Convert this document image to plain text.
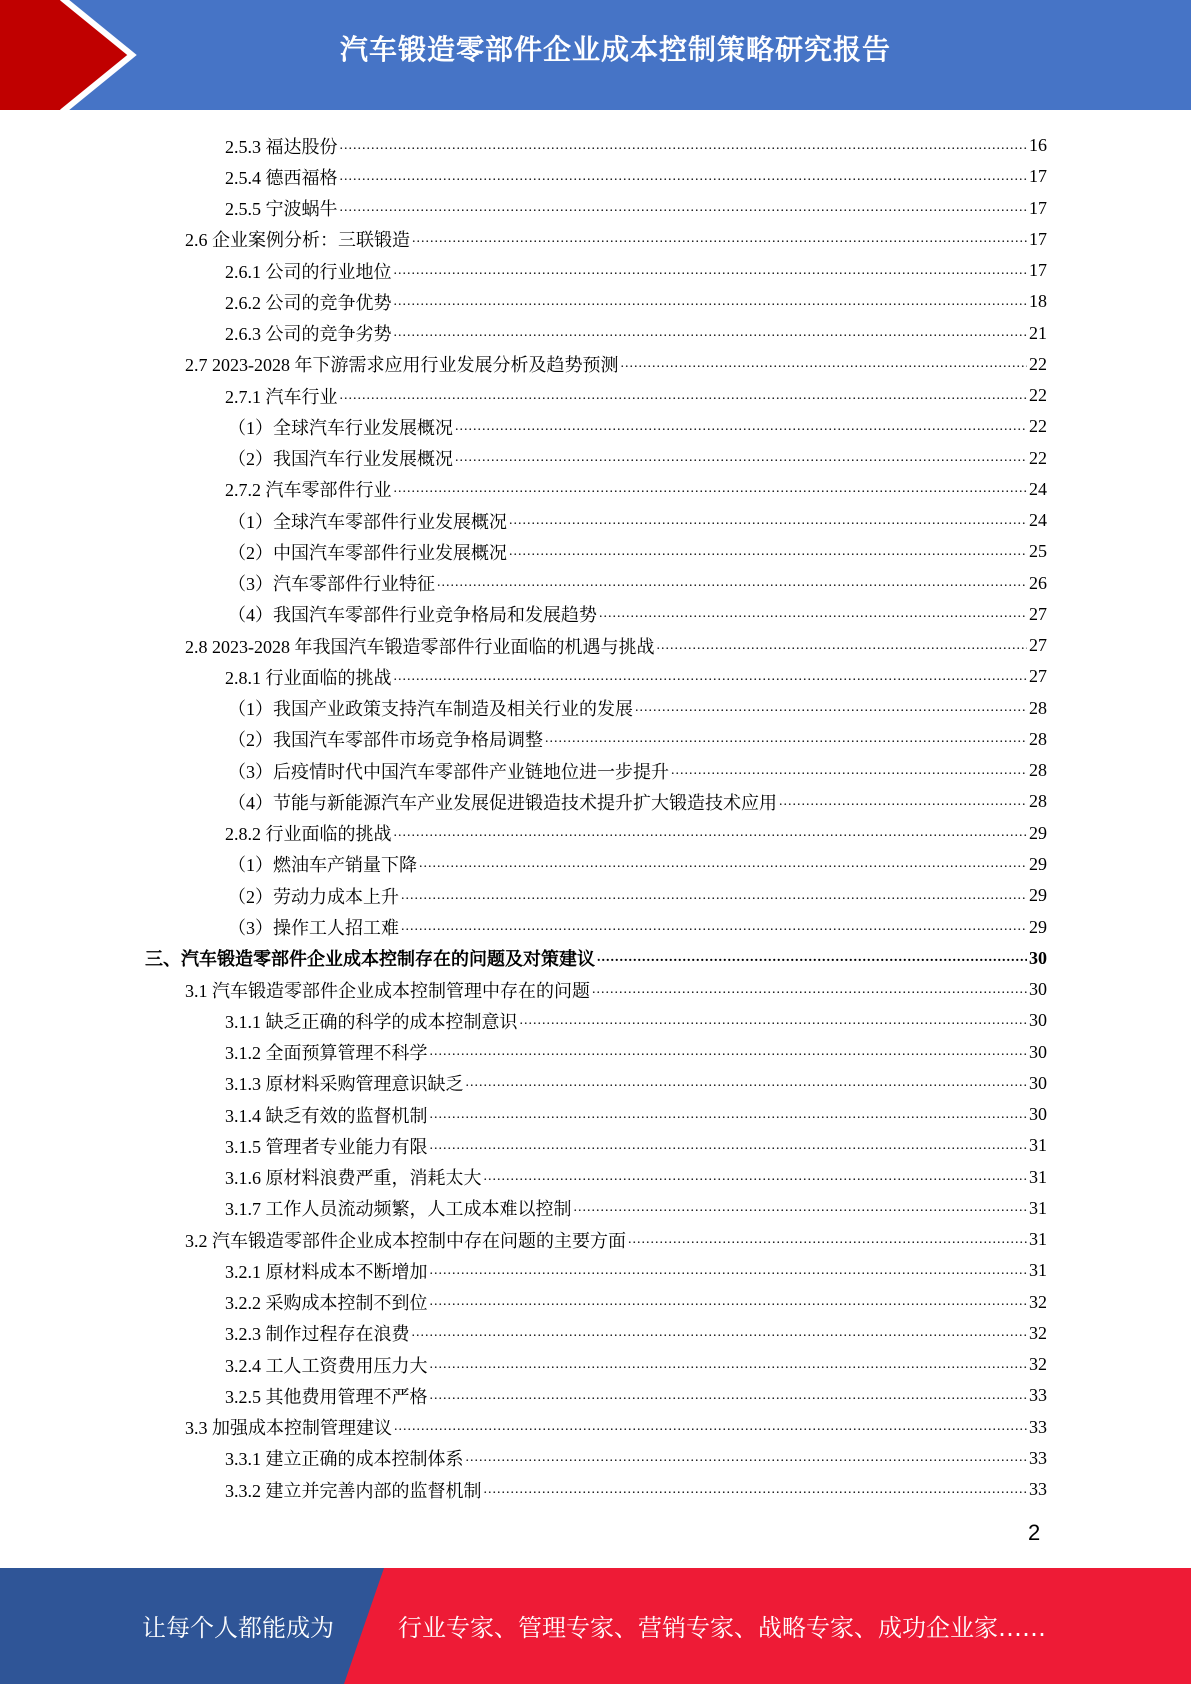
汽车锻造零部件企业成本控制策略研究报告
2.5.3 福达股份 .....	16
2.5.4 德西福格 .....	17
2.5.5 宁波蜗牛 .....	17
2.6 企业案例分析：三联锻造 .....	17
2.6.1 公司的行业地位 .....	17
2.6.2 公司的竞争优势 .....	18
2.6.3 公司的竞争劣势 .....	21
2.7 2023-2028 年下游需求应用行业发展分析及趋势预测 .....	22
2.7.1 汽车行业 .....	22
（1）全球汽车行业发展概况 .....	22
（2）我国汽车行业发展概况 .....	22
2.7.2 汽车零部件行业 .....	24
（1）全球汽车零部件行业发展概况 .....	24
（2）中国汽车零部件行业发展概况 .....	25
（3）汽车零部件行业特征 .....	26
（4）我国汽车零部件行业竞争格局和发展趋势 .....	27
2.8 2023-2028 年我国汽车锻造零部件行业面临的机遇与挑战 .....	27
2.8.1 行业面临的挑战 .....	27
（1）我国产业政策支持汽车制造及相关行业的发展 .....	28
（2）我国汽车零部件市场竞争格局调整 .....	28
（3）后疫情时代中国汽车零部件产业链地位进一步提升 .....	28
（4）节能与新能源汽车产业发展促进锻造技术提升扩大锻造技术应用 .....	28
2.8.2 行业面临的挑战 .....	29
（1）燃油车产销量下降 .....	29
（2）劳动力成本上升 .....	29
（3）操作工人招工难 .....	29
三、汽车锻造零部件企业成本控制存在的问题及对策建议 .....	30
3.1 汽车锻造零部件企业成本控制管理中存在的问题 .....	30
3.1.1 缺乏正确的科学的成本控制意识 .....	30
3.1.2 全面预算管理不科学 .....	30
3.1.3 原材料采购管理意识缺乏 .....	30
3.1.4 缺乏有效的监督机制 .....	30
3.1.5 管理者专业能力有限 .....	31
3.1.6 原材料浪费严重，消耗太大 .....	31
3.1.7 工作人员流动频繁，人工成本难以控制 .....	31
3.2 汽车锻造零部件企业成本控制中存在问题的主要方面 .....	31
3.2.1 原材料成本不断增加 .....	31
3.2.2 采购成本控制不到位 .....	32
3.2.3 制作过程存在浪费 .....	32
3.2.4 工人工资费用压力大 .....	32
3.2.5 其他费用管理不严格 .....	33
3.3 加强成本控制管理建议 .....	33
3.3.1 建立正确的成本控制体系 .....	33
3.3.2 建立并完善内部的监督机制 .....	33
2
让每个人都能成为	行业专家、管理专家、营销专家、战略专家、成功企业家……
